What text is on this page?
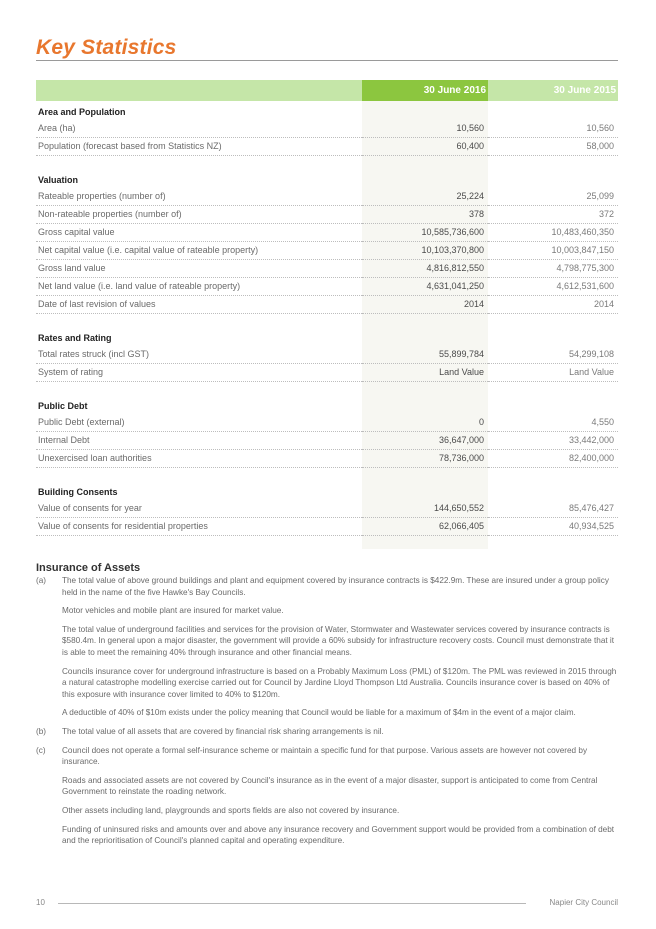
Key Statistics
	30 June 2016	30 June 2015
Area and Population		
Area (ha)	10,560	10,560
Population (forecast based from Statistics NZ)	60,400	58,000

Valuation		
Rateable properties (number of)	25,224	25,099
Non-rateable properties (number of)	378	372
Gross capital value	10,585,736,600	10,483,460,350
Net capital value (i.e. capital value of rateable property)	10,103,370,800	10,003,847,150
Gross land value	4,816,812,550	4,798,775,300
Net land value (i.e. land value of rateable property)	4,631,041,250	4,612,531,600
Date of last revision of values	2014	2014

Rates and Rating		
Total rates struck (incl GST)	55,899,784	54,299,108
System of rating	Land Value	Land Value

Public Debt		
Public Debt (external)	0	4,550
Internal Debt	36,647,000	33,442,000
Unexercised loan authorities	78,736,000	82,400,000

Building Consents		
Value of consents for year	144,650,552	85,476,427
Value of consents for residential properties	62,066,405	40,934,525

Insurance of Assets
(a)	The total value of above ground buildings and plant and equipment covered by insurance contracts is $422.9m. These are insured under a group policy held in the name of the five Hawke's Bay Councils.

Motor vehicles and mobile plant are insured for market value.

The total value of underground facilities and services for the provision of Water, Stormwater and Wastewater services covered by insurance contracts is $580.4m. In general upon a major disaster, the government will provide a 60% subsidy for infrastructure recovery costs. Council must demonstrate that it is able to meet the remaining 40% through insurance and other financial means.

Councils insurance cover for underground infrastructure is based on a Probably Maximum Loss (PML) of $120m. The PML was reviewed in 2015 through a natural catastrophe modelling exercise carried out for Council by Jardine Lloyd Thompson Ltd Australia. Councils insurance cover is based on 40% of this exposure with insurance cover limited to 40% to $120m.

A deductible of 40% of $10m exists under the policy meaning that Council would be liable for a maximum of $4m in the event of a major claim.

(b)	The total value of all assets that are covered by financial risk sharing arrangements is nil.

(c)	Council does not operate a formal self-insurance scheme or maintain a specific fund for that purpose. Various assets are however not covered by insurance.

Roads and associated assets are not covered by Council's insurance as in the event of a major disaster, support is anticipated to come from Central Government to reinstate the roading network.

Other assets including land, playgrounds and sports fields are also not covered by insurance.

Funding of uninsured risks and amounts over and above any insurance recovery and Government support would be provided from a combination of debt and the reprioritisation of Council's planned capital and operating expenditure.

10	Napier City Council
